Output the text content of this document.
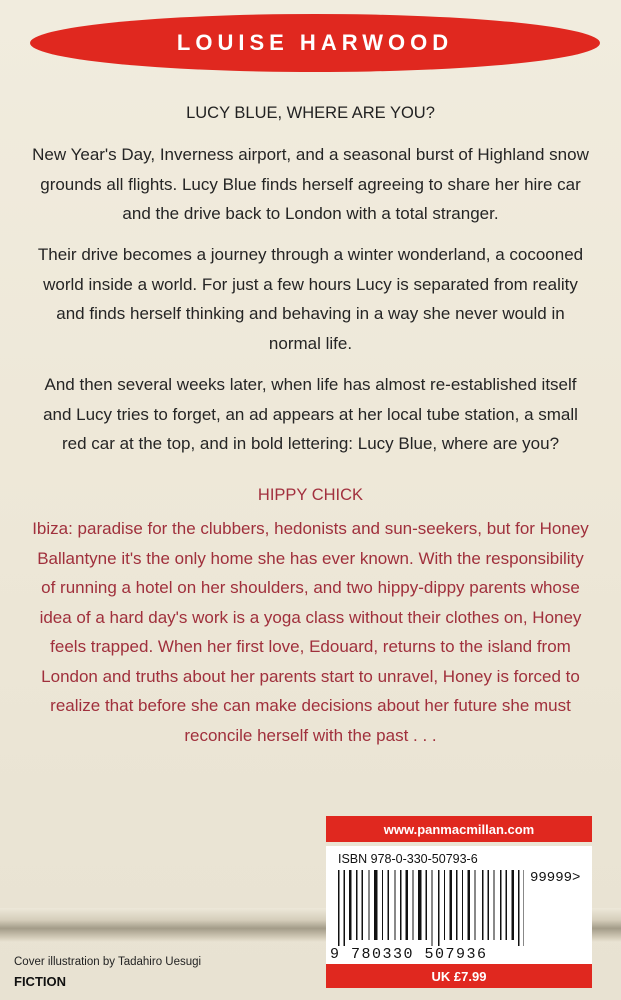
LOUISE HARWOOD
LUCY BLUE, WHERE ARE YOU?

New Year's Day, Inverness airport, and a seasonal burst of Highland snow
grounds all flights. Lucy Blue finds herself agreeing to share her hire car
and the drive back to London with a total stranger.

Their drive becomes a journey through a winter wonderland, a cocooned
world inside a world. For just a few hours Lucy is separated from reality
and finds herself thinking and behaving in a way she never would in
normal life.

And then several weeks later, when life has almost re-established itself
and Lucy tries to forget, an ad appears at her local tube station, a small
red car at the top, and in bold lettering: Lucy Blue, where are you?

HIPPY CHICK

Ibiza: paradise for the clubbers, hedonists and sun-seekers, but for Honey
Ballantyne it's the only home she has ever known. With the responsibility
of running a hotel on her shoulders, and two hippy-dippy parents whose
idea of a hard day's work is a yoga class without their clothes on, Honey
feels trapped. When her first love, Edouard, returns to the island from
London and truths about her parents start to unravel, Honey is forced to
realize that before she can make decisions about her future she must
reconcile herself with the past . . .

www.panmacmillan.com
ISBN 978-0-330-50793-6
99999>
9 780330 507936
UK £7.99
Cover illustration by Tadahiro Uesugi
FICTION
